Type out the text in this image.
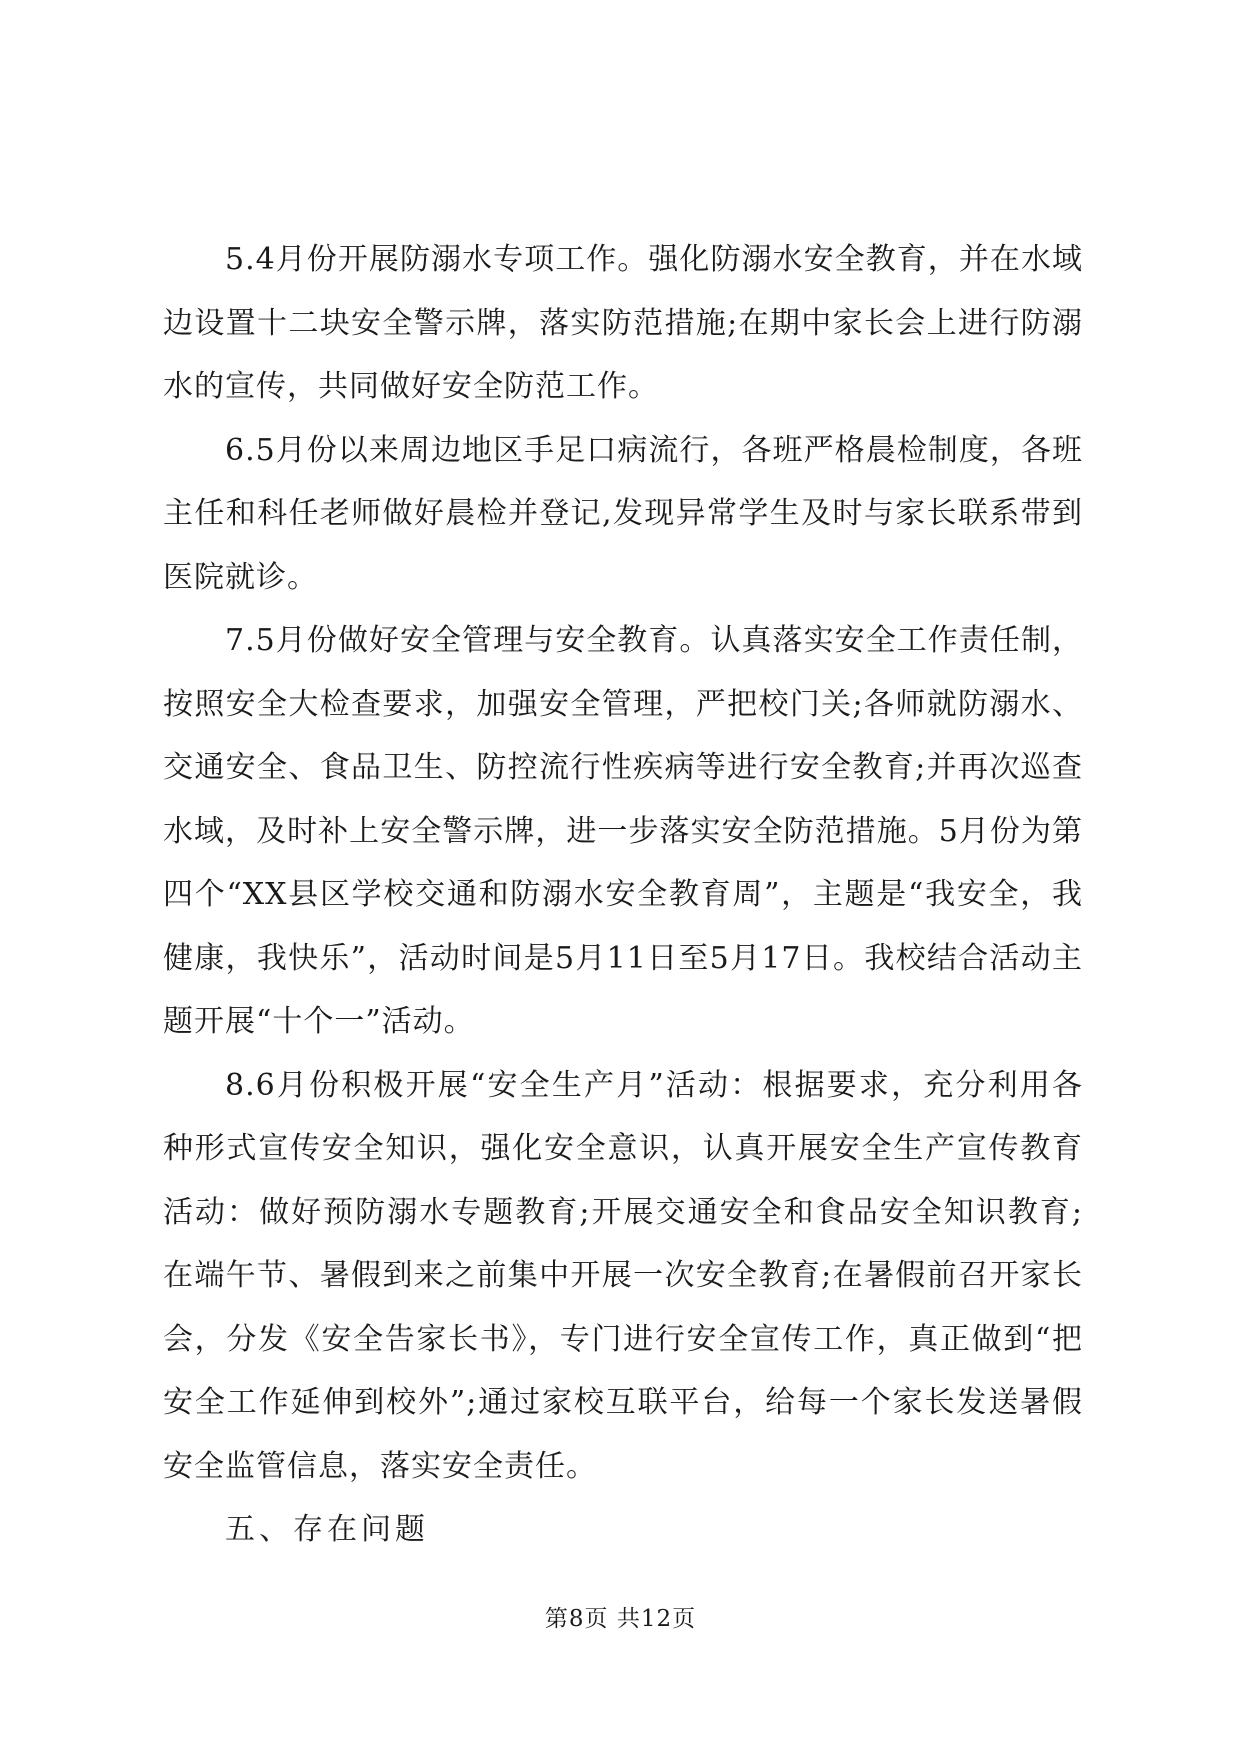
5.4月份开展防溺水专项工作。强化防溺水安全教育，并在水域边设置十二块安全警示牌，落实防范措施;在期中家长会上进行防溺水的宣传，共同做好安全防范工作。

6.5月份以来周边地区手足口病流行，各班严格晨检制度，各班主任和科任老师做好晨检并登记,发现异常学生及时与家长联系带到医院就诊。

7.5月份做好安全管理与安全教育。认真落实安全工作责任制，按照安全大检查要求，加强安全管理，严把校门关;各师就防溺水、交通安全、食品卫生、防控流行性疾病等进行安全教育;并再次巡查水域，及时补上安全警示牌，进一步落实安全防范措施。5月份为第四个“XX县区学校交通和防溺水安全教育周”，主题是“我安全，我健康，我快乐”，活动时间是5月11日至5月17日。我校结合活动主题开展“十个一”活动。

8.6月份积极开展“安全生产月”活动：根据要求，充分利用各种形式宣传安全知识，强化安全意识，认真开展安全生产宣传教育活动：做好预防溺水专题教育;开展交通安全和食品安全知识教育;在端午节、暑假到来之前集中开展一次安全教育;在暑假前召开家长会，分发《安全告家长书》，专门进行安全宣传工作，真正做到“把安全工作延伸到校外”;通过家校互联平台，给每一个家长发送暑假安全监管信息，落实安全责任。

五、存在问题

第8页 共12页
